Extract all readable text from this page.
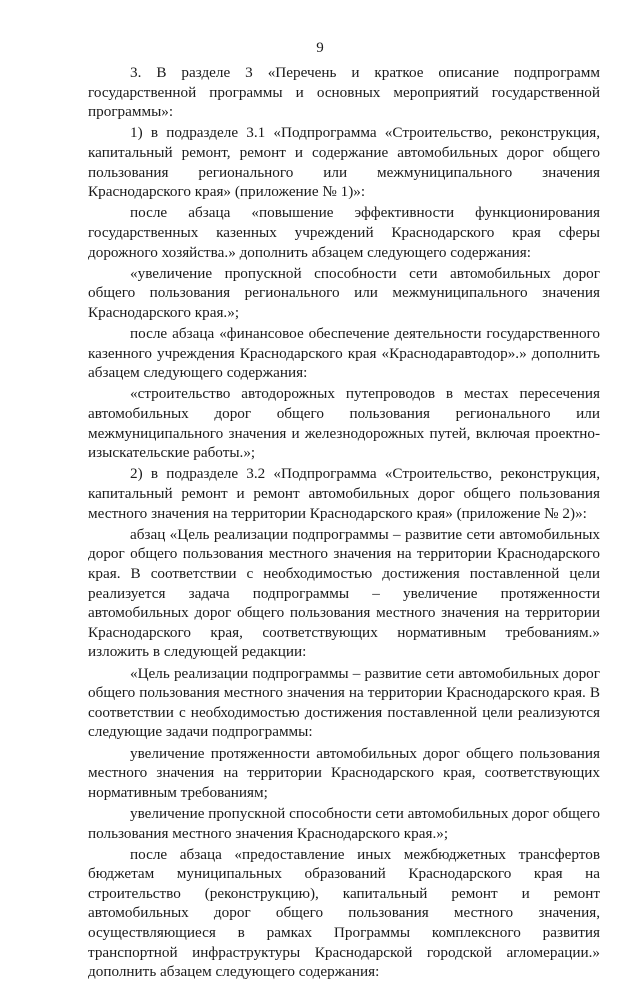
9

3. В разделе 3 «Перечень и краткое описание подпрограмм государственной программы и основных мероприятий государственной программы»:

1) в подразделе 3.1 «Подпрограмма «Строительство, реконструкция, капитальный ремонт, ремонт и содержание автомобильных дорог общего пользования регионального или межмуниципального значения Краснодарского края» (приложение № 1)»:

после абзаца «повышение эффективности функционирования государственных казенных учреждений Краснодарского края сферы дорожного хозяйства.» дополнить абзацем следующего содержания:

«увеличение пропускной способности сети автомобильных дорог общего пользования регионального или межмуниципального значения Краснодарского края.»;

после абзаца «финансовое обеспечение деятельности государственного казенного учреждения Краснодарского края «Краснодаравтодор».» дополнить абзацем следующего содержания:

«строительство автодорожных путепроводов в местах пересечения автомобильных дорог общего пользования регионального или межмуниципального значения и железнодорожных путей, включая проектно-изыскательские работы.»;

2) в подразделе 3.2 «Подпрограмма «Строительство, реконструкция, капитальный ремонт и ремонт автомобильных дорог общего пользования местного значения на территории Краснодарского края» (приложение № 2)»:

абзац «Цель реализации подпрограммы – развитие сети автомобильных дорог общего пользования местного значения на территории Краснодарского края. В соответствии с необходимостью достижения поставленной цели реализуется задача подпрограммы – увеличение протяженности автомобильных дорог общего пользования местного значения на территории Краснодарского края, соответствующих нормативным требованиям.» изложить в следующей редакции:

«Цель реализации подпрограммы – развитие сети автомобильных дорог общего пользования местного значения на территории Краснодарского края. В соответствии с необходимостью достижения поставленной цели реализуются следующие задачи подпрограммы:

увеличение протяженности автомобильных дорог общего пользования местного значения на территории Краснодарского края, соответствующих нормативным требованиям;

увеличение пропускной способности сети автомобильных дорог общего пользования местного значения Краснодарского края.»;

после абзаца «предоставление иных межбюджетных трансфертов бюджетам муниципальных образований Краснодарского края на строительство (реконструкцию), капитальный ремонт и ремонт автомобильных дорог общего пользования местного значения, осуществляющиеся в рамках Программы комплексного развития транспортной инфраструктуры Краснодарской городской агломерации.» дополнить абзацем следующего содержания:
